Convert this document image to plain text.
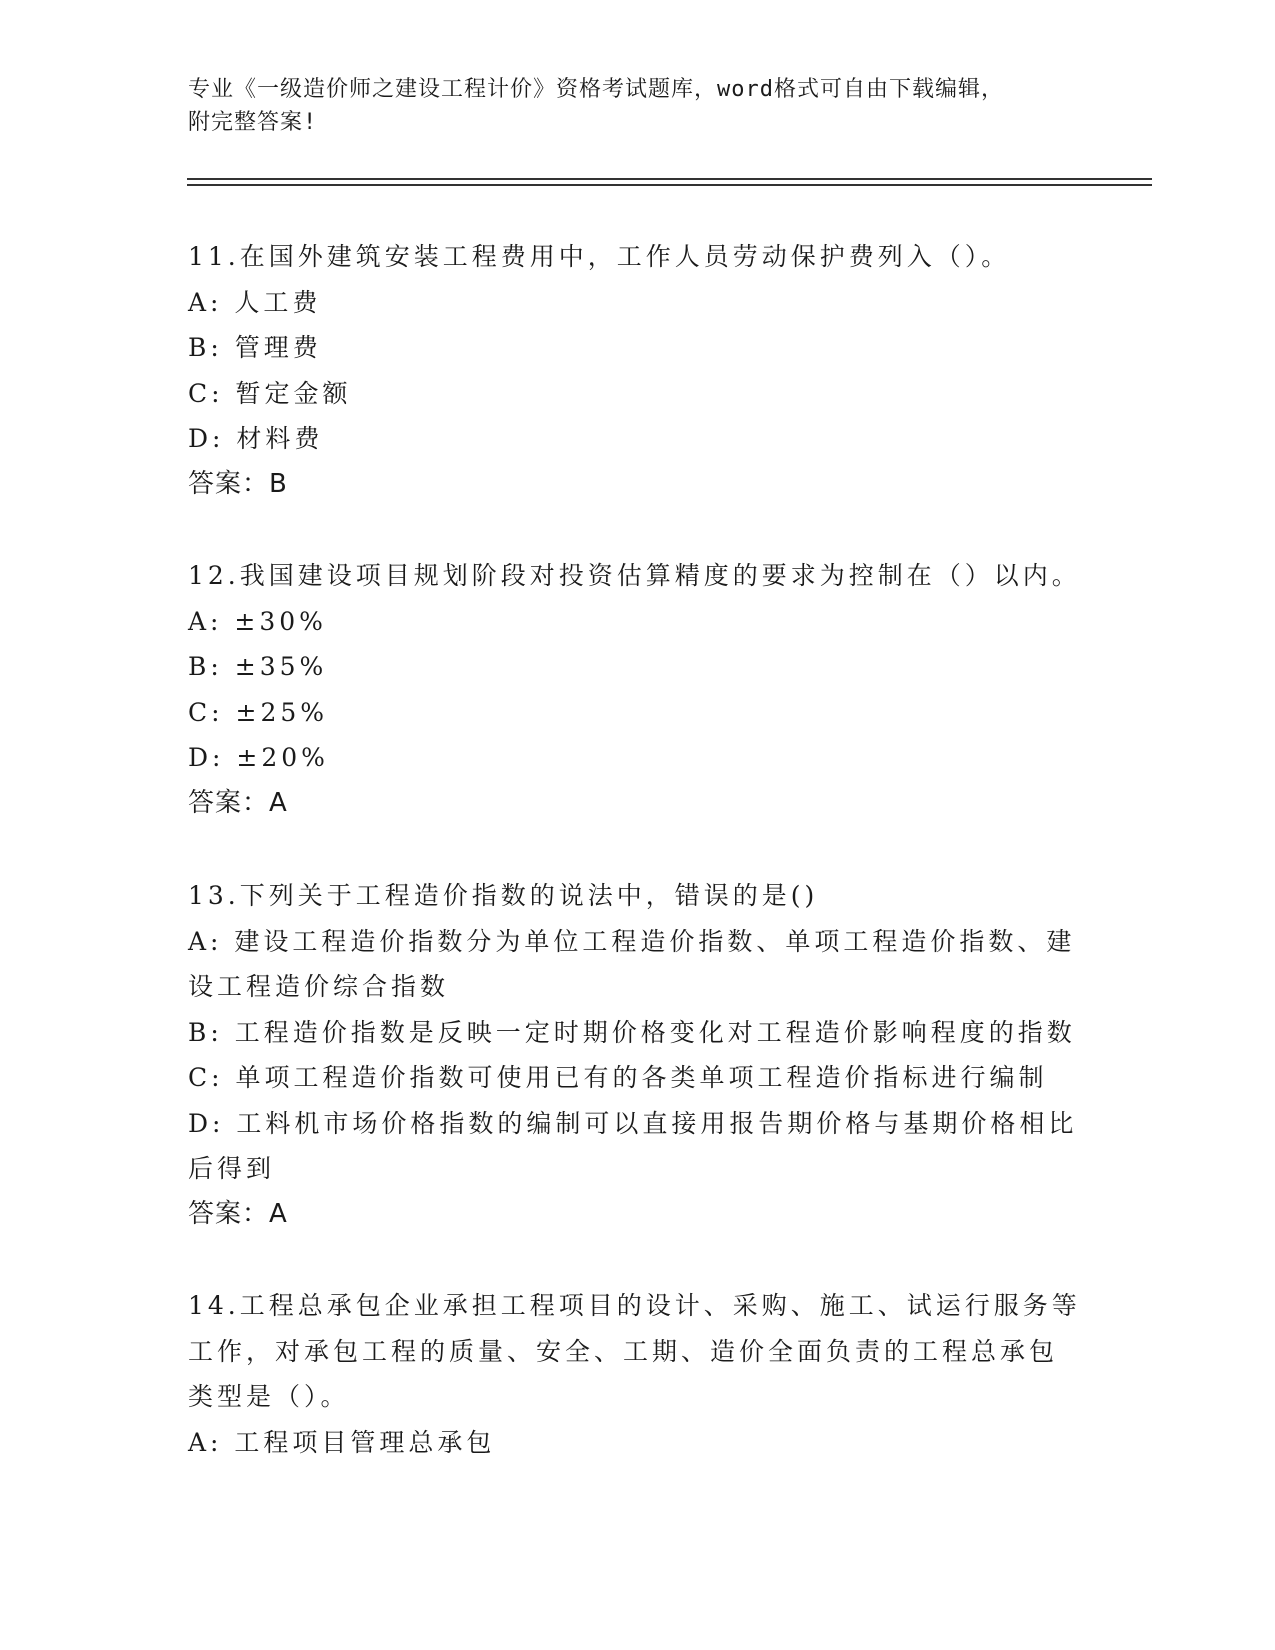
专业《一级造价师之建设工程计价》资格考试题库，word格式可自由下载编辑，
附完整答案!
11.在国外建筑安装工程费用中，工作人员劳动保护费列入（）。
A: 人工费
B: 管理费
C: 暂定金额
D: 材料费
答案：B
12.我国建设项目规划阶段对投资估算精度的要求为控制在（）以内。
A: ±30%
B: ±35%
C: ±25%
D: ±20%
答案：A
13.下列关于工程造价指数的说法中，错误的是()
A: 建设工程造价指数分为单位工程造价指数、单项工程造价指数、建
设工程造价综合指数
B: 工程造价指数是反映一定时期价格变化对工程造价影响程度的指数
C: 单项工程造价指数可使用已有的各类单项工程造价指标进行编制
D: 工料机市场价格指数的编制可以直接用报告期价格与基期价格相比
后得到
答案：A
14.工程总承包企业承担工程项目的设计、采购、施工、试运行服务等
工作，对承包工程的质量、安全、工期、造价全面负责的工程总承包
类型是（）。
A: 工程项目管理总承包
